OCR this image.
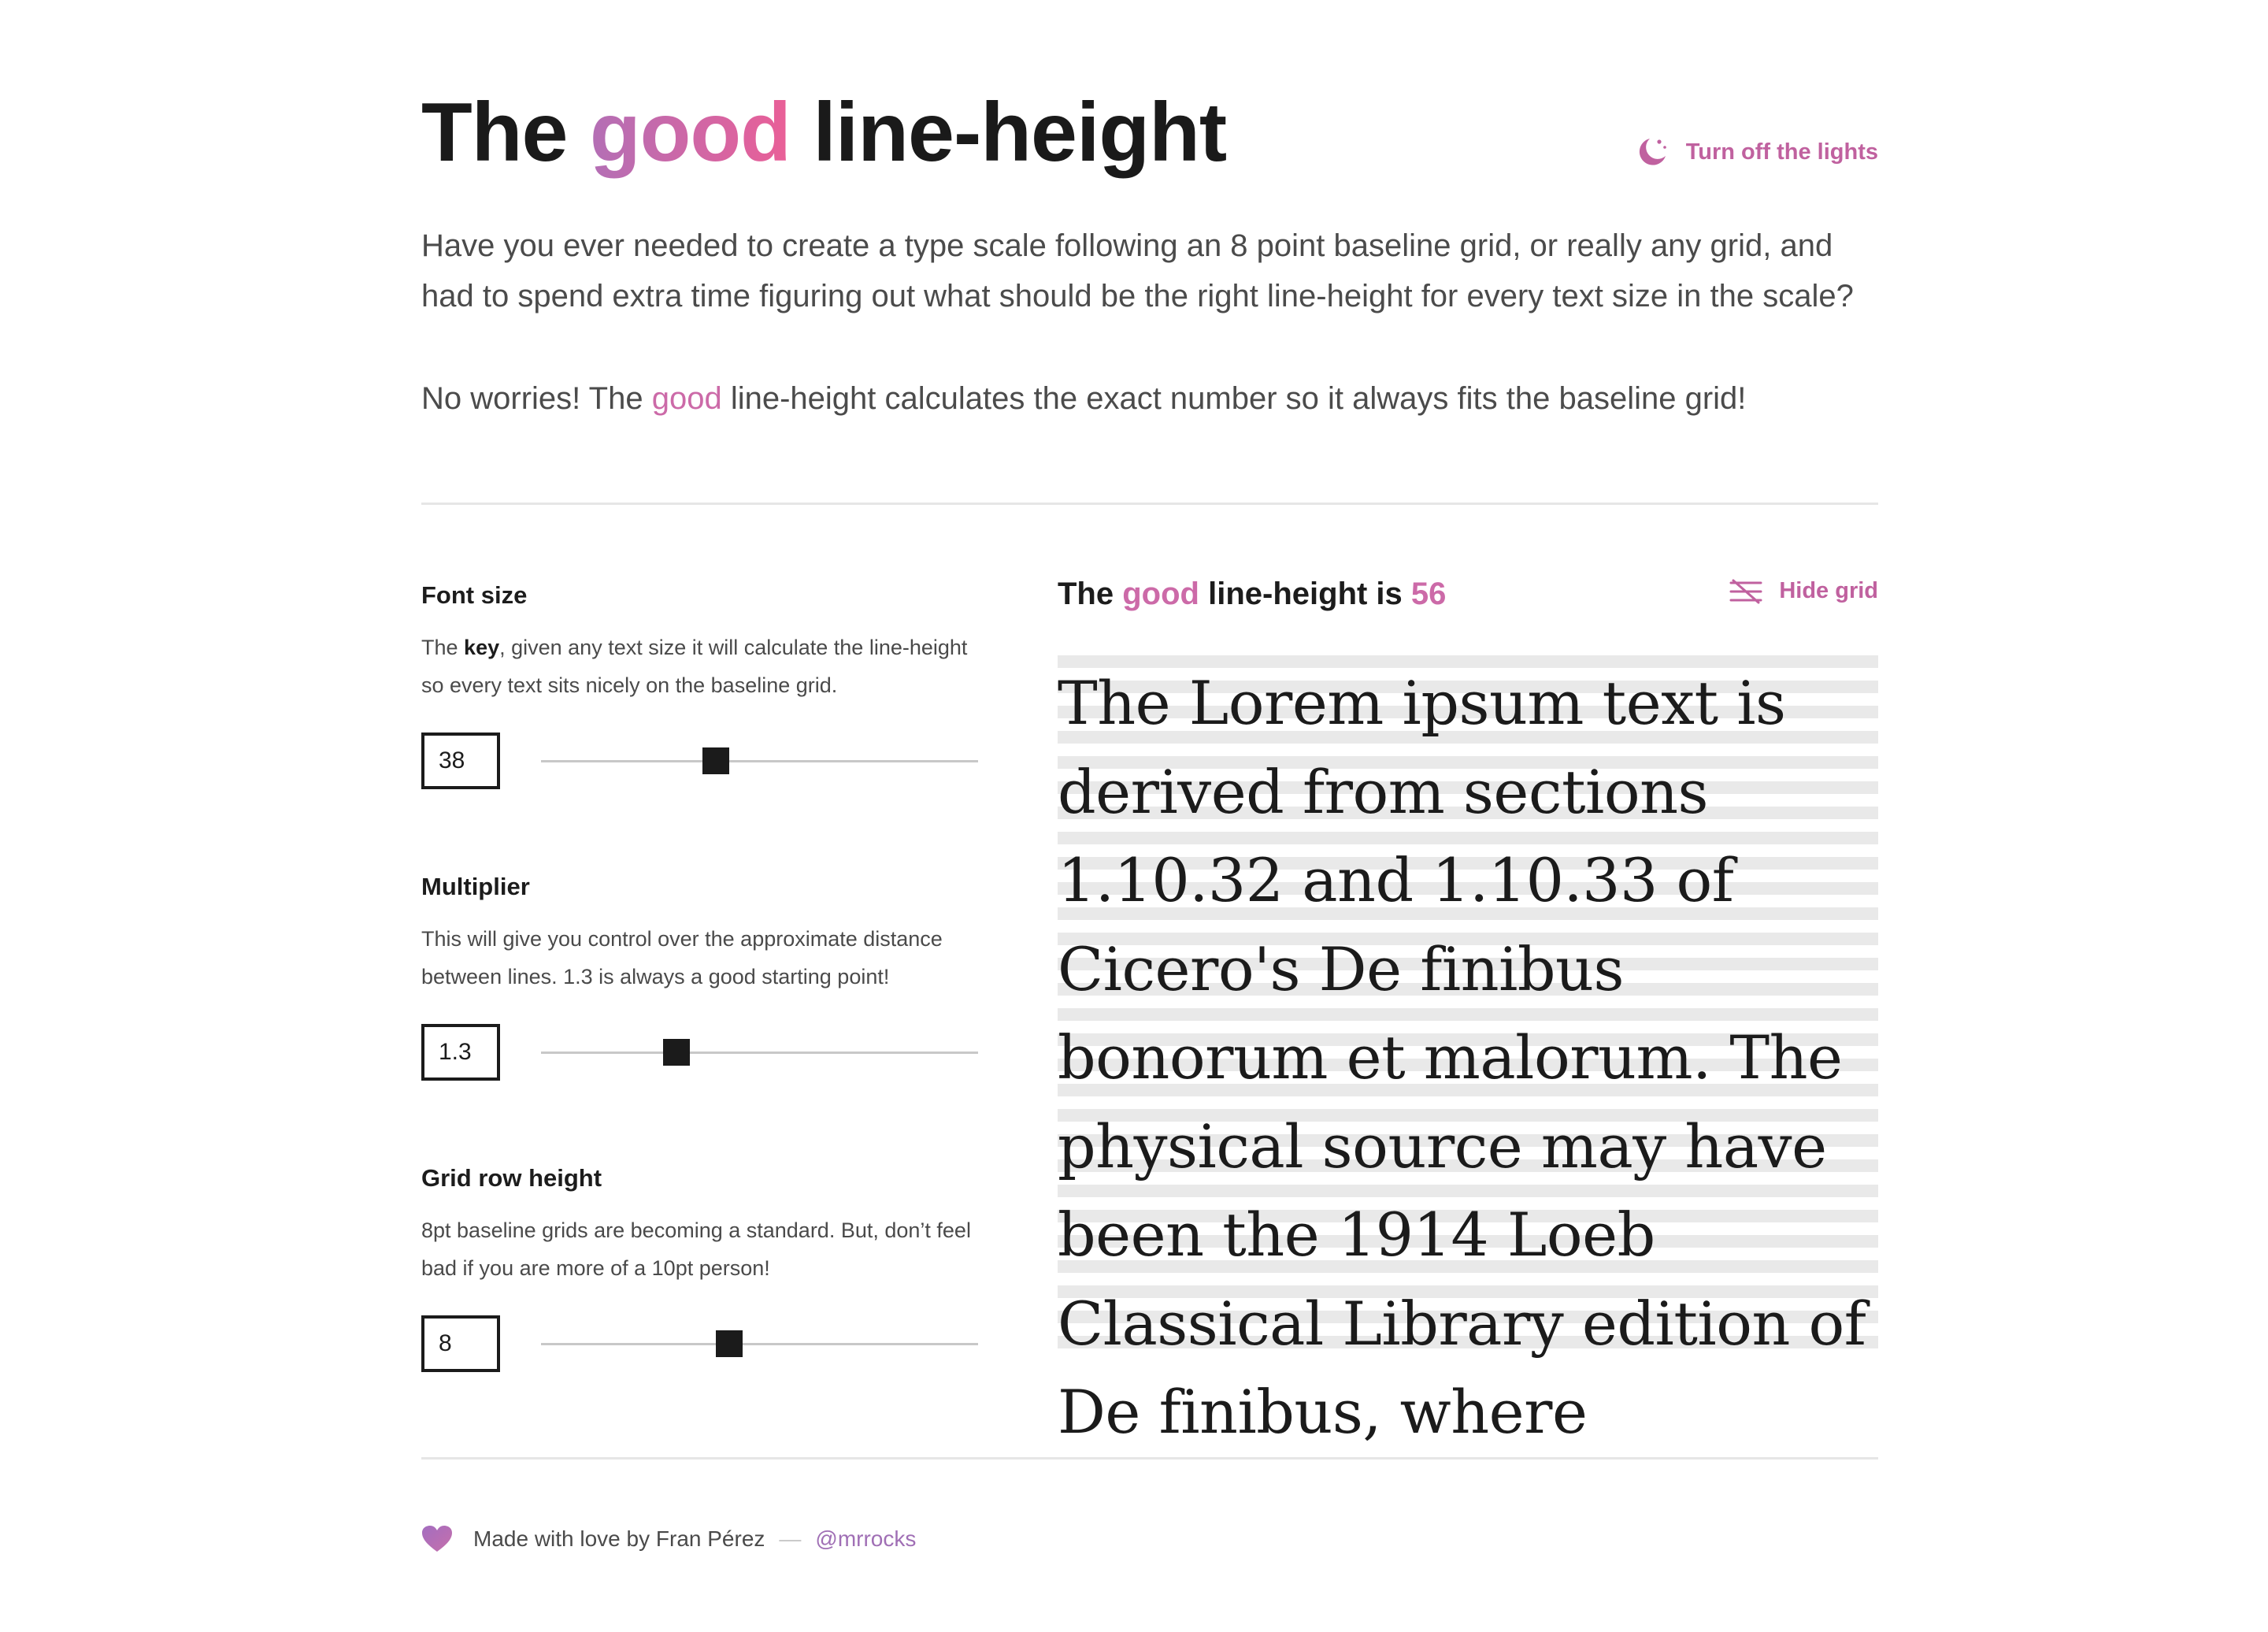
The good line-height	Turn off the lights

Have you ever needed to create a type scale following an 8 point baseline grid, or really any grid, and had to spend extra time figuring out what should be the right line-height for every text size in the scale?

No worries! The good line-height calculates the exact number so it always fits the baseline grid!

Font size

The key, given any text size it will calculate the line-height so every text sits nicely on the baseline grid.

38
Multiplier

This will give you control over the approximate distance between lines. 1.3 is always a good starting point!

1.3
Grid row height

8pt baseline grids are becoming a standard. But, don’t feel bad if you are more of a 10pt person!

8
The good line-height is 56	Hide grid

The Lorem ipsum text is derived from sections 1.10.32 and 1.10.33 of Cicero's De finibus bonorum et malorum. The physical source may have been the 1914 Loeb Classical Library edition of De finibus, where

Made with love by Fran Pérez — @mrrocks
